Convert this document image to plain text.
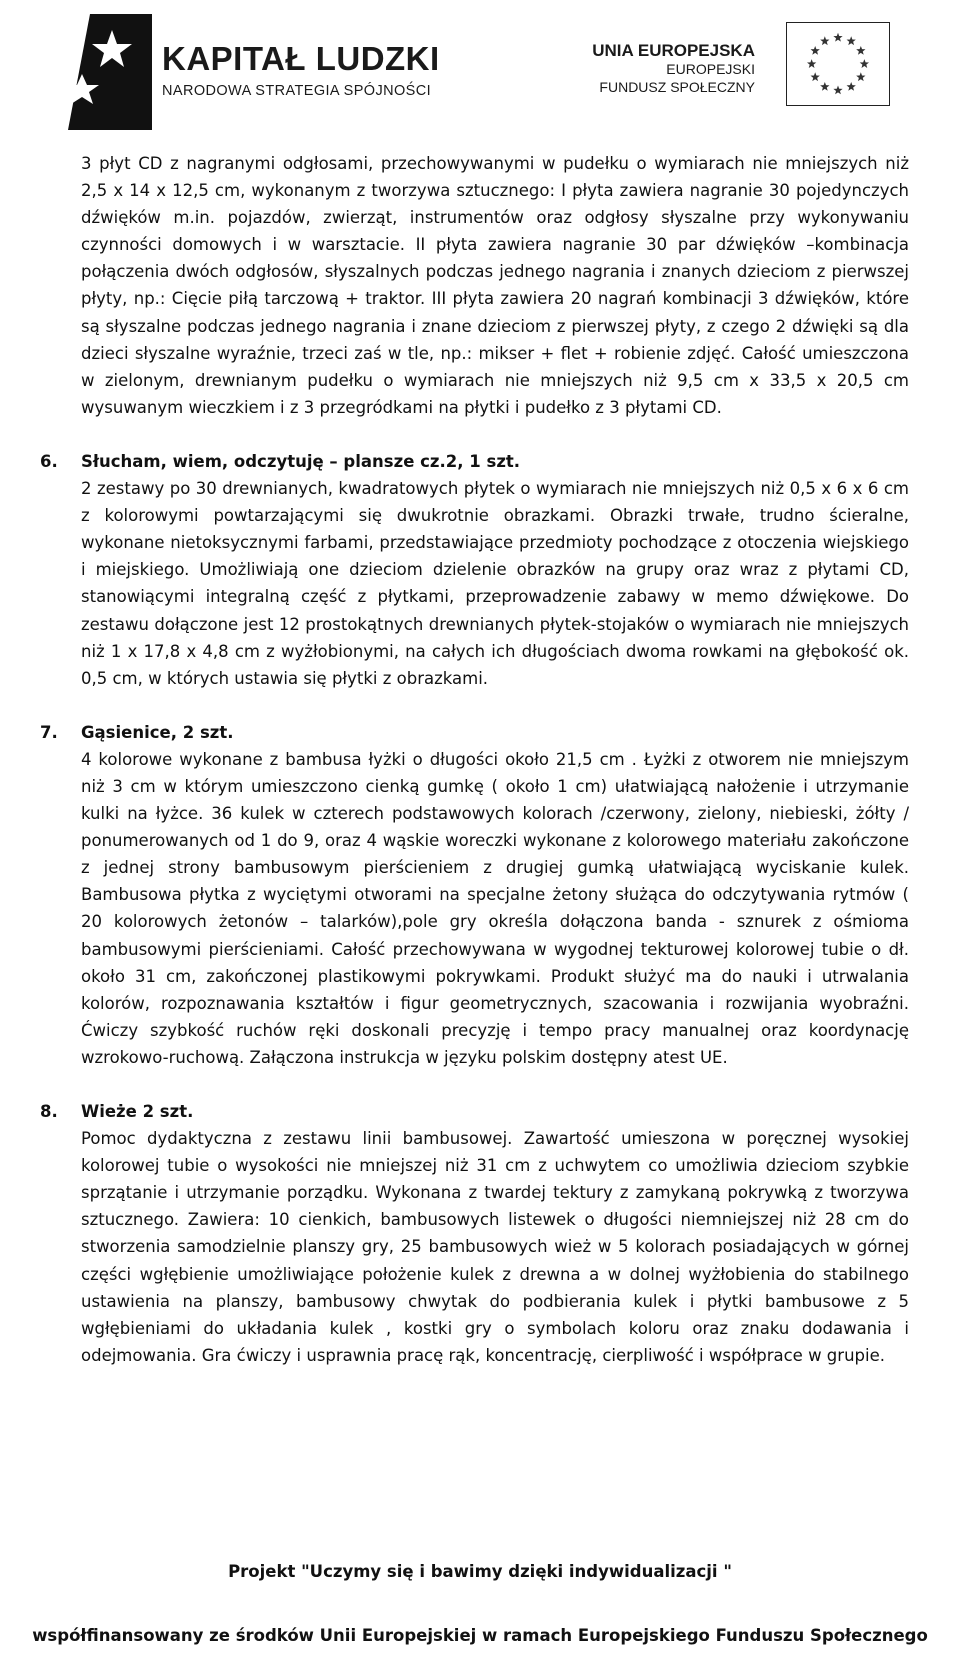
KAPITAŁ LUDZKI
NARODOWA STRATEGIA SPÓJNOŚCI
UNIA EUROPEJSKA
EUROPEJSKI
FUNDUSZ SPOŁECZNY

3 płyt CD z nagranymi odgłosami, przechowywanymi w pudełku o wymiarach nie mniejszych niż 2,5 x 14 x 12,5 cm, wykonanym z tworzywa sztucznego: I płyta zawiera nagranie 30 pojedynczych dźwięków m.in. pojazdów, zwierząt, instrumentów oraz odgłosy słyszalne przy wykonywaniu czynności domowych i w warsztacie. II płyta zawiera nagranie 30 par dźwięków –kombinacja połączenia dwóch odgłosów, słyszalnych podczas jednego nagrania i znanych dzieciom z pierwszej płyty, np.: Cięcie piłą tarczową + traktor. III płyta zawiera 20 nagrań kombinacji 3 dźwięków, które są słyszalne podczas jednego nagrania i znane dzieciom z pierwszej płyty, z czego 2 dźwięki są dla dzieci słyszalne wyraźnie, trzeci zaś w tle, np.: mikser + flet + robienie zdjęć. Całość umieszczona w zielonym, drewnianym pudełku o wymiarach nie mniejszych niż 9,5 cm x 33,5 x 20,5 cm wysuwanym wieczkiem i z 3 przegródkami na płytki i pudełko z 3 płytami CD.

6. Słucham, wiem, odczytuję – plansze cz.2, 1 szt.

2 zestawy po 30 drewnianych, kwadratowych płytek o wymiarach nie mniejszych niż 0,5 x 6 x 6 cm z kolorowymi powtarzającymi się dwukrotnie obrazkami. Obrazki trwałe, trudno ścieralne, wykonane nietoksycznymi farbami, przedstawiające przedmioty pochodzące z otoczenia wiejskiego i miejskiego. Umożliwiają one dzieciom dzielenie obrazków na grupy oraz wraz z płytami CD, stanowiącymi integralną część z płytkami, przeprowadzenie zabawy w memo dźwiękowe. Do zestawu dołączone jest 12 prostokątnych drewnianych płytek-stojaków o wymiarach nie mniejszych niż 1 x 17,8 x 4,8 cm z wyżłobionymi, na całych ich długościach dwoma rowkami na głębokość ok. 0,5 cm, w których ustawia się płytki z obrazkami.

7. Gąsienice, 2 szt.

4 kolorowe wykonane z bambusa łyżki o długości około 21,5 cm . Łyżki z otworem nie mniejszym niż 3 cm w którym umieszczono cienką gumkę ( około 1 cm) ułatwiającą nałożenie i utrzymanie kulki na łyżce. 36 kulek w czterech podstawowych kolorach /czerwony, zielony, niebieski, żółty / ponumerowanych od 1 do 9, oraz 4 wąskie woreczki wykonane z kolorowego materiału zakończone z jednej strony bambusowym pierścieniem z drugiej gumką ułatwiającą wyciskanie kulek. Bambusowa płytka z wyciętymi otworami na specjalne żetony służąca do odczytywania rytmów ( 20 kolorowych żetonów – talarków),pole gry określa dołączona banda - sznurek z ośmioma bambusowymi pierścieniami. Całość przechowywana w wygodnej tekturowej kolorowej tubie o dł. około 31 cm, zakończonej plastikowymi pokrywkami. Produkt służyć ma do nauki i utrwalania kolorów, rozpoznawania kształtów i figur geometrycznych, szacowania i rozwijania wyobraźni. Ćwiczy szybkość ruchów ręki doskonali precyzję i tempo pracy manualnej oraz koordynację wzrokowo-ruchową. Załączona instrukcja w języku polskim dostępny atest UE.

8. Wieże 2 szt.

Pomoc dydaktyczna z zestawu linii bambusowej. Zawartość umieszona w poręcznej wysokiej kolorowej tubie o wysokości nie mniejszej niż 31 cm z uchwytem co umożliwia dzieciom szybkie sprzątanie i utrzymanie porządku. Wykonana z twardej tektury z zamykaną pokrywką z tworzywa sztucznego. Zawiera: 10 cienkich, bambusowych listewek o długości niemniejszej niż 28 cm do stworzenia samodzielnie planszy gry, 25 bambusowych wież w 5 kolorach posiadających w górnej części wgłębienie umożliwiające położenie kulek z drewna a w dolnej wyżłobienia do stabilnego ustawienia na planszy, bambusowy chwytak do podbierania kulek i płytki bambusowe z 5 wgłębieniami do układania kulek , kostki gry o symbolach koloru oraz znaku dodawania i odejmowania. Gra ćwiczy i usprawnia pracę rąk, koncentrację, cierpliwość i współprace w grupie.

Projekt "Uczymy się i bawimy dzięki indywidualizacji "
współfinansowany ze środków Unii Europejskiej w ramach Europejskiego Funduszu Społecznego
